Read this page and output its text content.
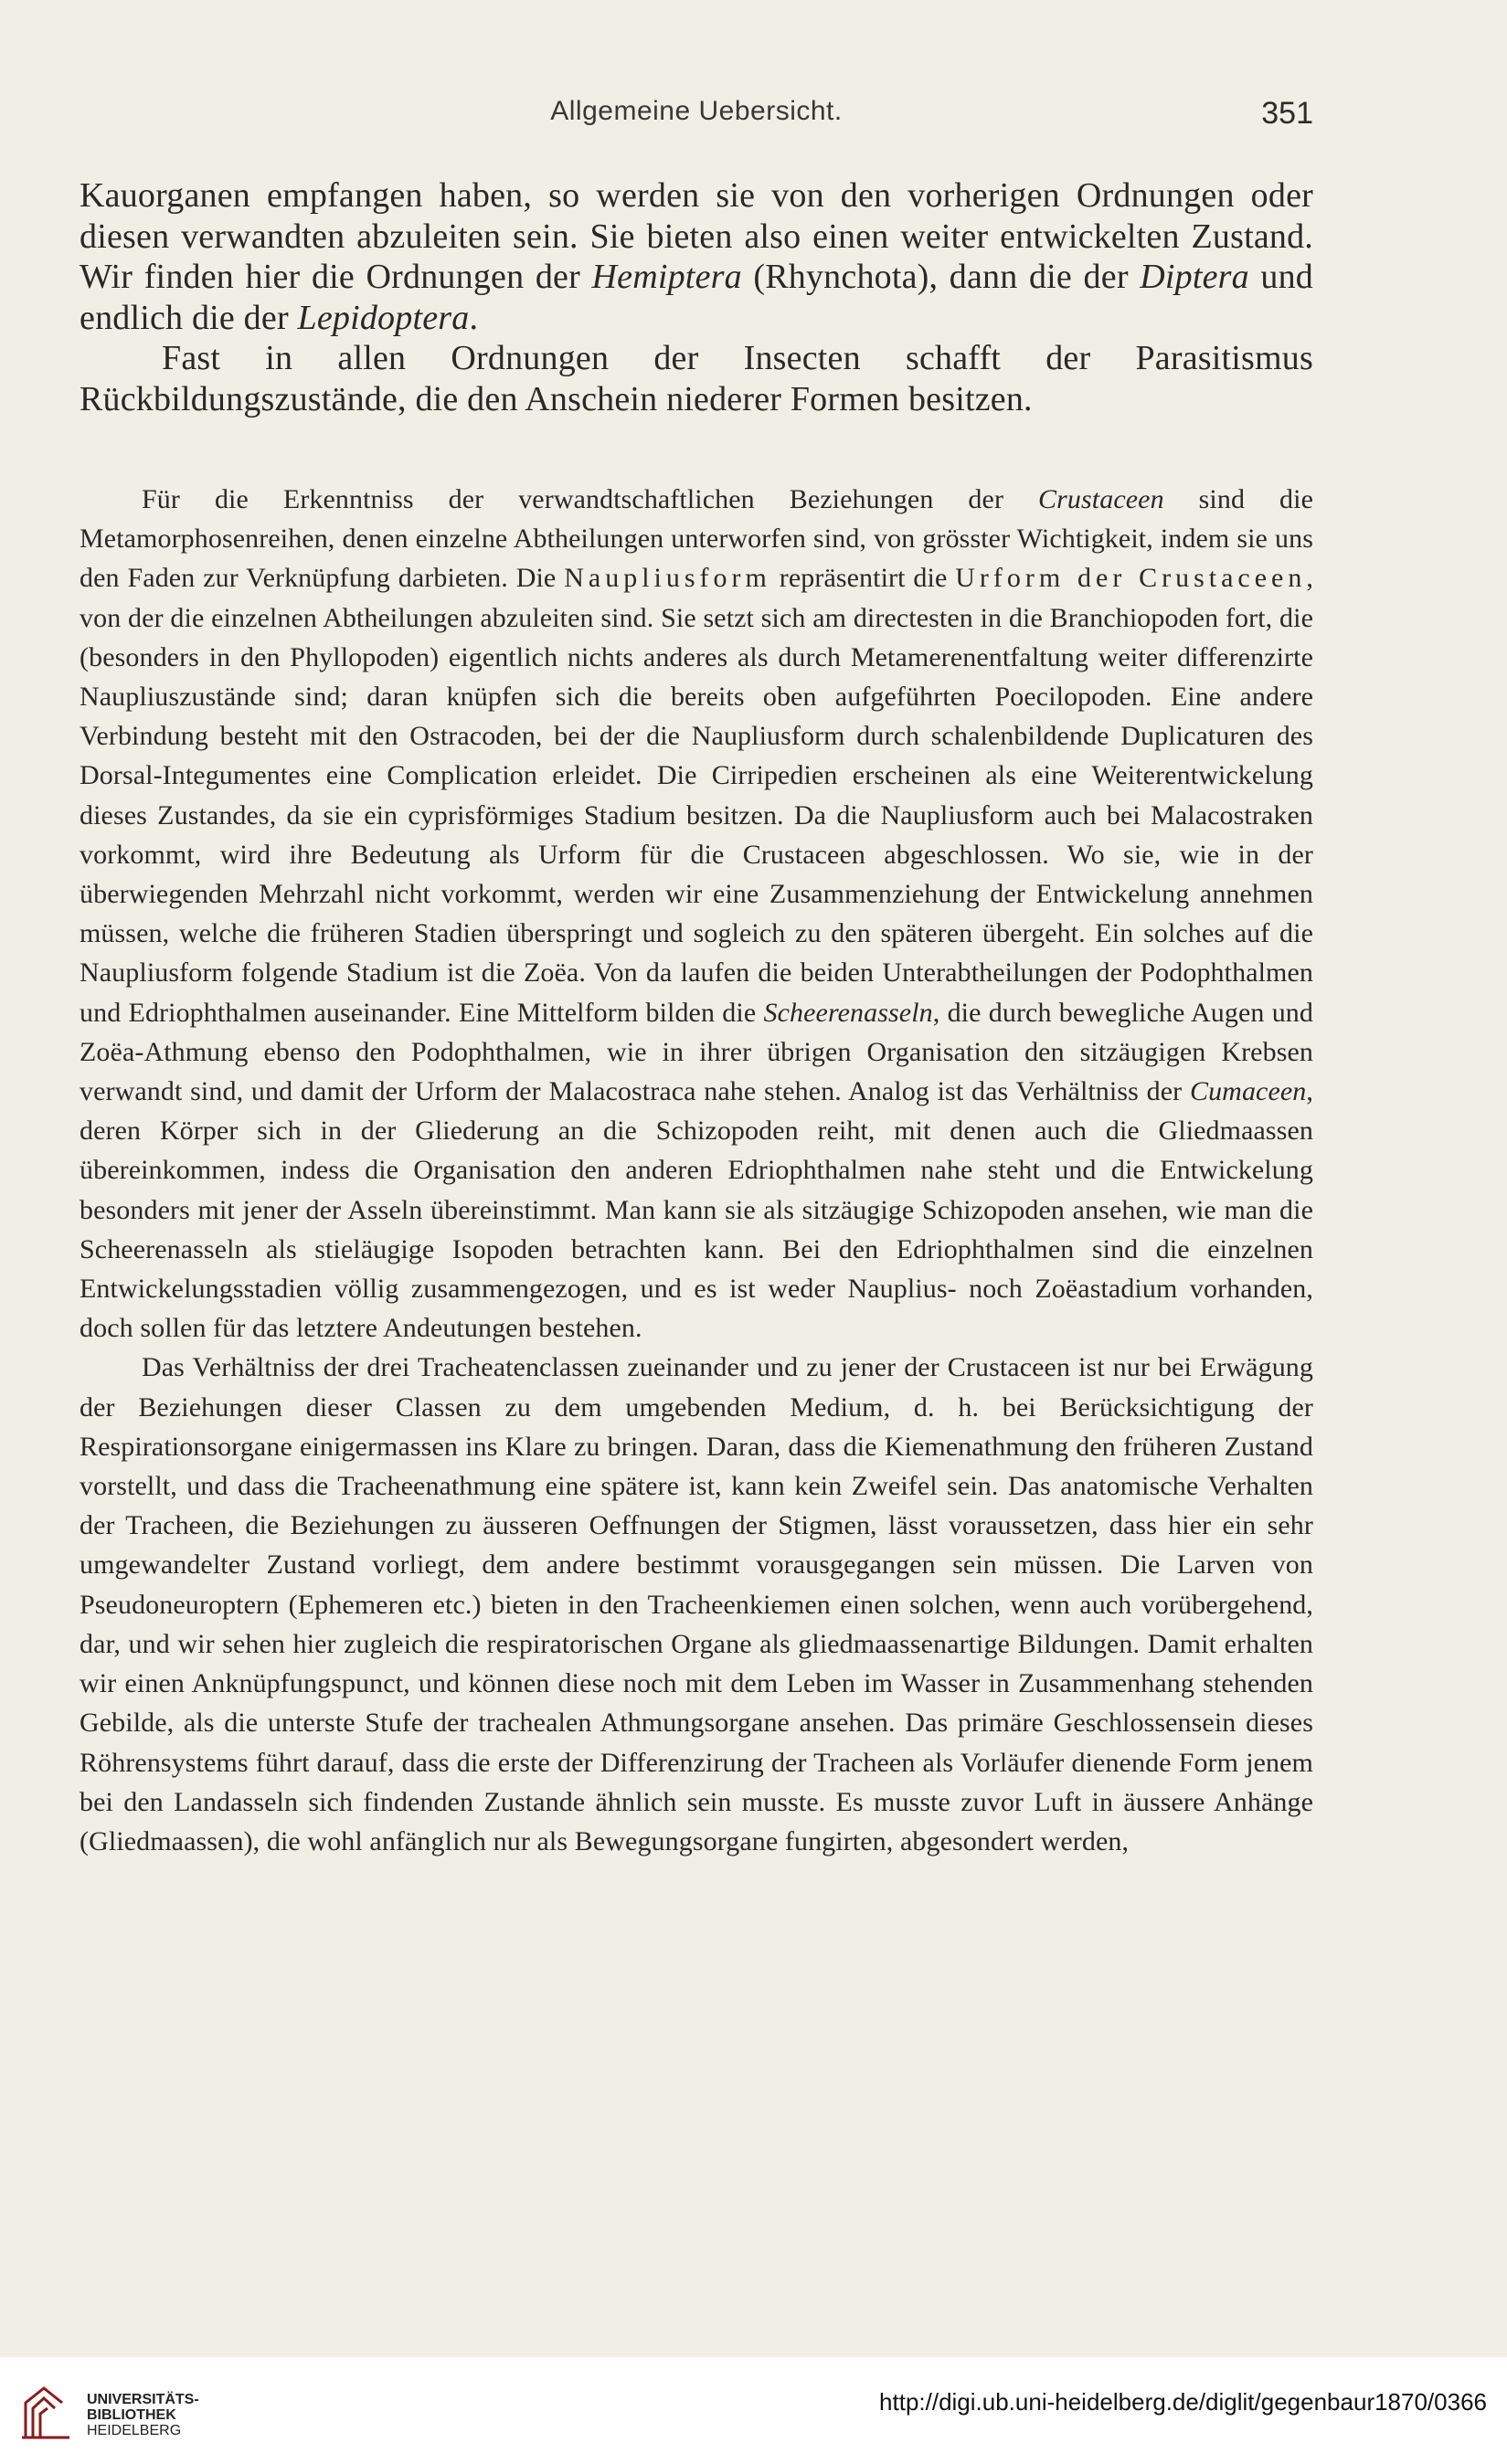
Allgemeine Uebersicht.	351

Kauorganen empfangen haben, so werden sie von den vorherigen Ordnungen oder diesen verwandten abzuleiten sein. Sie bieten also einen weiter entwickelten Zustand. Wir finden hier die Ordnungen der Hemiptera (Rhynchota), dann die der Diptera und endlich die der Lepidoptera.

Fast in allen Ordnungen der Insecten schafft der Parasitismus Rückbildungszustände, die den Anschein niederer Formen besitzen.

Für die Erkenntniss der verwandtschaftlichen Beziehungen der Crustaceen sind die Metamorphosenreihen, denen einzelne Abtheilungen unterworfen sind, von grösster Wichtigkeit, indem sie uns den Faden zur Verknüpfung darbieten. Die Naupliusform repräsentirt die Urform der Crustaceen, von der die einzelnen Abtheilungen abzuleiten sind. Sie setzt sich am directesten in die Branchiopoden fort, die (besonders in den Phyllopoden) eigentlich nichts anderes als durch Metamerenentfaltung weiter differenzirte Naupliuszustände sind; daran knüpfen sich die bereits oben aufgeführten Poecilopoden. Eine andere Verbindung besteht mit den Ostracoden, bei der die Naupliusform durch schalenbildende Duplicaturen des Dorsal-Integumentes eine Complication erleidet. Die Cirripedien erscheinen als eine Weiterentwickelung dieses Zustandes, da sie ein cyprisförmiges Stadium besitzen. Da die Naupliusform auch bei Malacostraken vorkommt, wird ihre Bedeutung als Urform für die Crustaceen abgeschlossen. Wo sie, wie in der überwiegenden Mehrzahl nicht vorkommt, werden wir eine Zusammenziehung der Entwickelung annehmen müssen, welche die früheren Stadien überspringt und sogleich zu den späteren übergeht. Ein solches auf die Naupliusform folgende Stadium ist die Zoëa. Von da laufen die beiden Unterabtheilungen der Podophthalmen und Edriophthalmen auseinander. Eine Mittelform bilden die Scheerenasseln, die durch bewegliche Augen und Zoëa-Athmung ebenso den Podophthalmen, wie in ihrer übrigen Organisation den sitzäugigen Krebsen verwandt sind, und damit der Urform der Malacostraca nahe stehen. Analog ist das Verhältniss der Cumaceen, deren Körper sich in der Gliederung an die Schizopoden reiht, mit denen auch die Gliedmaassen übereinkommen, indess die Organisation den anderen Edriophthalmen nahe steht und die Entwickelung besonders mit jener der Asseln übereinstimmt. Man kann sie als sitzäugige Schizopoden ansehen, wie man die Scheerenasseln als stieläugige Isopoden betrachten kann. Bei den Edriophthalmen sind die einzelnen Entwickelungsstadien völlig zusammengezogen, und es ist weder Nauplius- noch Zoëastadium vorhanden, doch sollen für das letztere Andeutungen bestehen.

Das Verhältniss der drei Tracheatenclassen zueinander und zu jener der Crustaceen ist nur bei Erwägung der Beziehungen dieser Classen zu dem umgebenden Medium, d. h. bei Berücksichtigung der Respirationsorgane einigermassen ins Klare zu bringen. Daran, dass die Kiemenathmung den früheren Zustand vorstellt, und dass die Tracheenathmung eine spätere ist, kann kein Zweifel sein. Das anatomische Verhalten der Tracheen, die Beziehungen zu äusseren Oeffnungen der Stigmen, lässt voraussetzen, dass hier ein sehr umgewandelter Zustand vorliegt, dem andere bestimmt vorausgegangen sein müssen. Die Larven von Pseudoneuroptern (Ephemeren etc.) bieten in den Tracheenkiemen einen solchen, wenn auch vorübergehend, dar, und wir sehen hier zugleich die respiratorischen Organe als gliedmaassenartige Bildungen. Damit erhalten wir einen Anknüpfungspunct, und können diese noch mit dem Leben im Wasser in Zusammenhang stehenden Gebilde, als die unterste Stufe der trachealen Athmungsorgane ansehen. Das primäre Geschlossensein dieses Röhrensystems führt darauf, dass die erste der Differenzirung der Tracheen als Vorläufer dienende Form jenem bei den Landasseln sich findenden Zustande ähnlich sein musste. Es musste zuvor Luft in äussere Anhänge (Gliedmaassen), die wohl anfänglich nur als Bewegungsorgane fungirten, abgesondert werden,

UNIVERSITÄTS-
BIBLIOTHEK
HEIDELBERG
http://digi.ub.uni-heidelberg.de/diglit/gegenbaur1870/0366
